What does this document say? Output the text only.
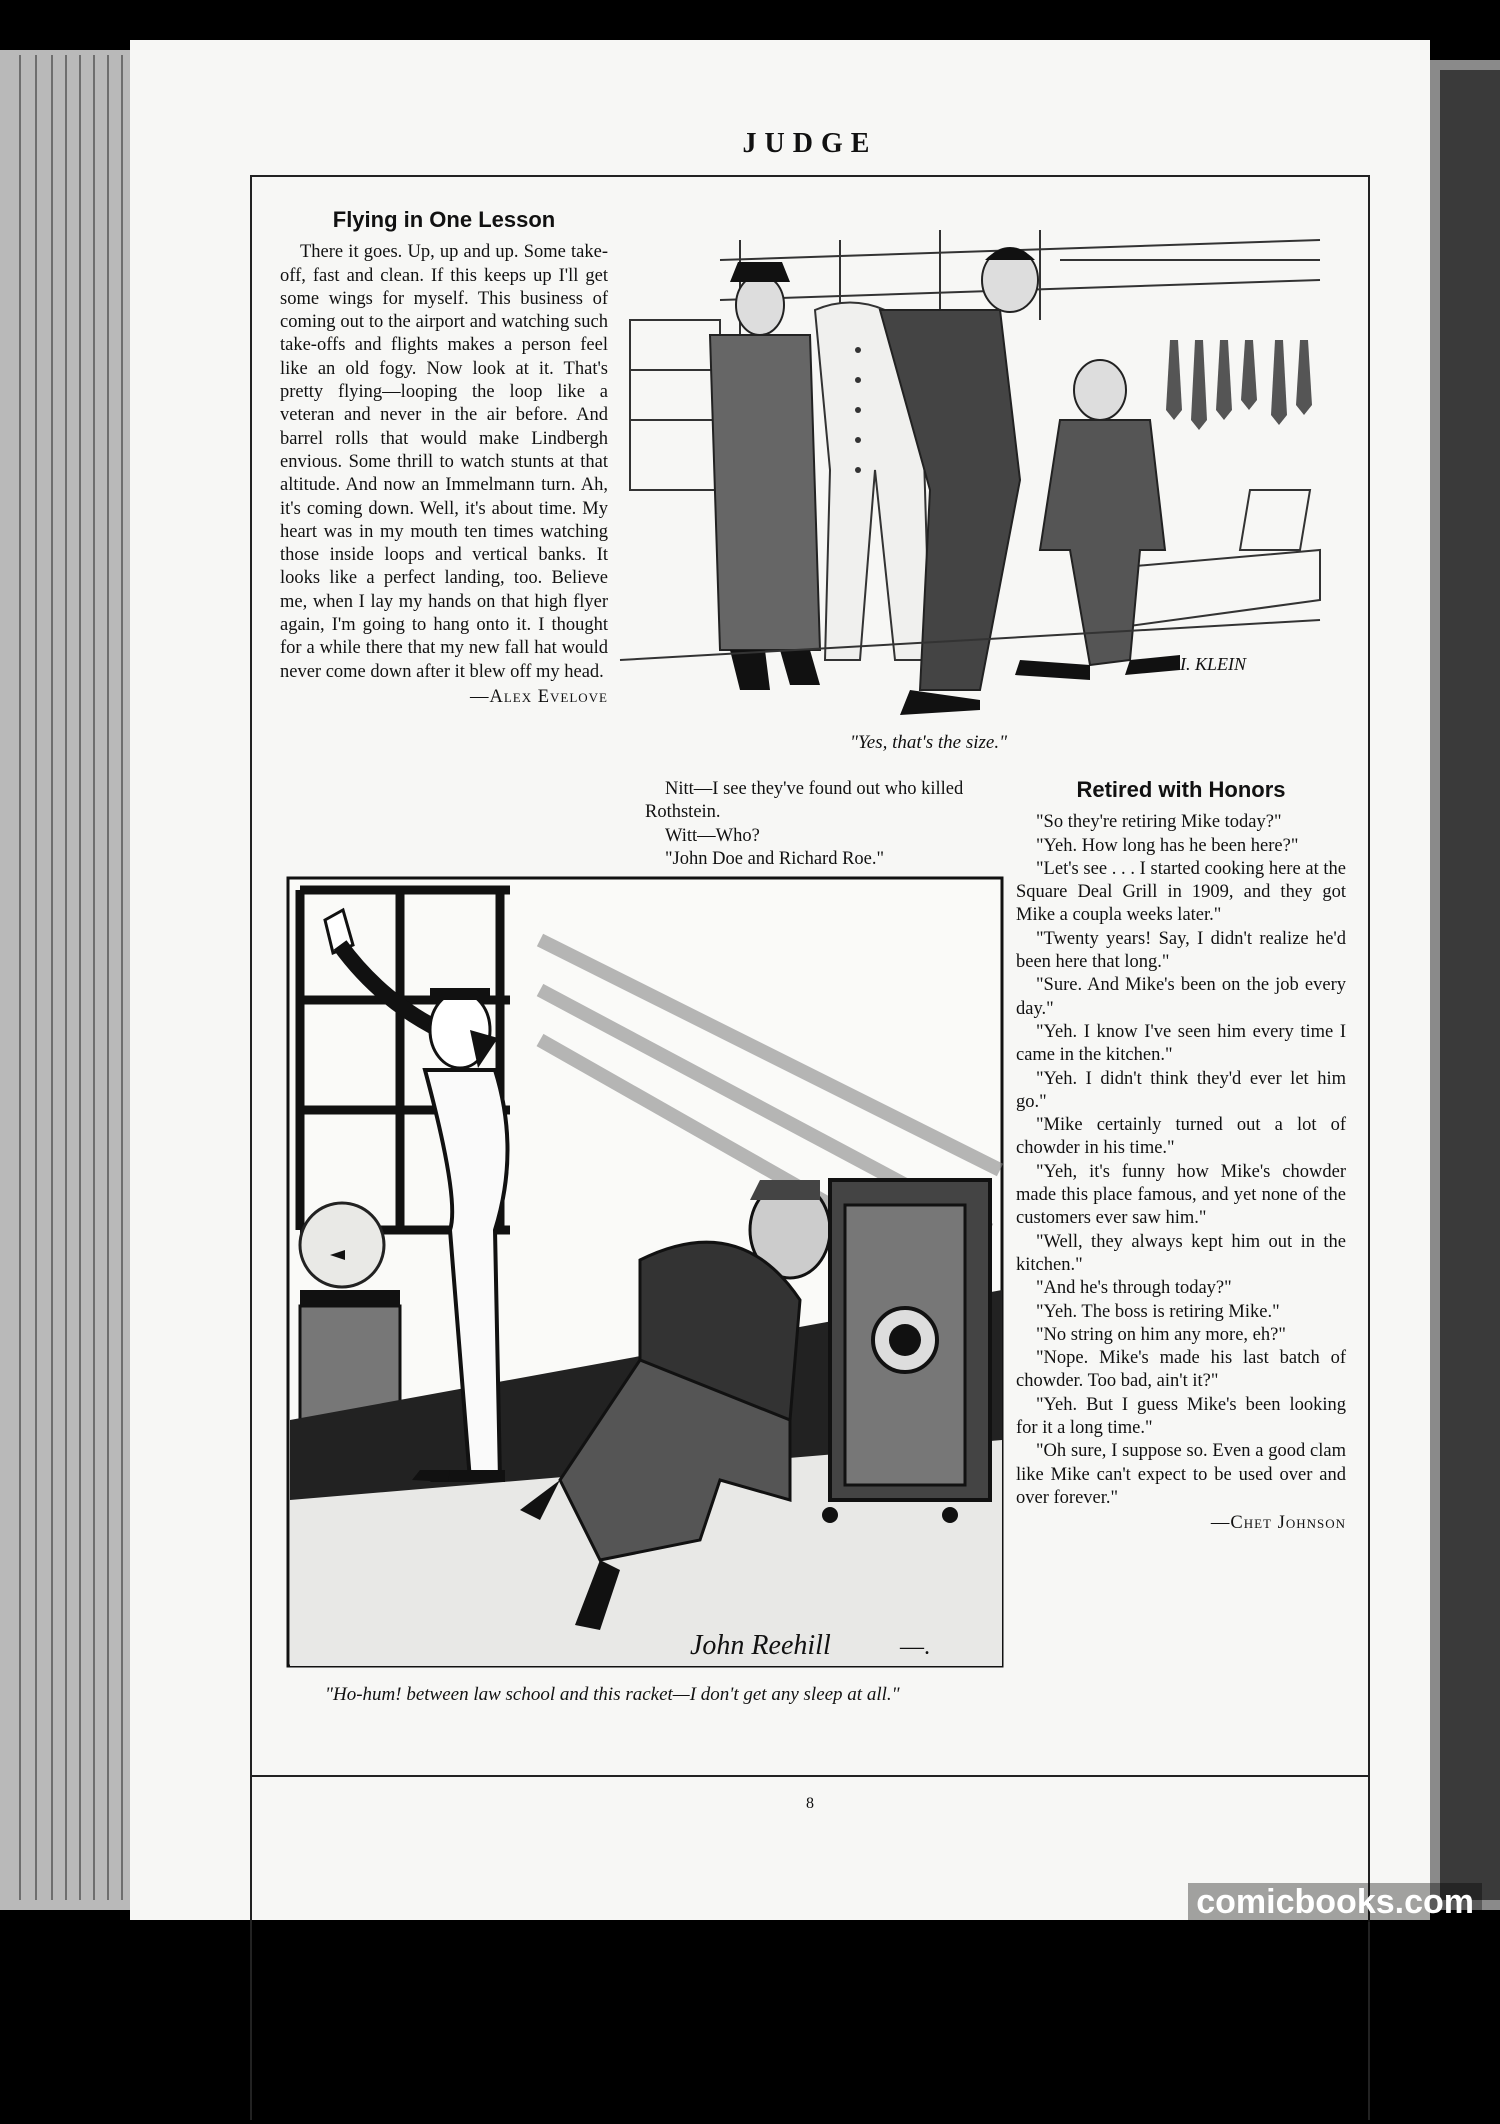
John Reehill	—.
JUDGE
Flying in One Lesson

There it goes. Up, up and up. Some take-off, fast and clean. If this keeps up I'll get some wings for myself. This business of coming out to the airport and watching such take-offs and flights makes a person feel like an old fogy. Now look at it. That's pretty flying—looping the loop like a veteran and never in the air before. And barrel rolls that would make Lindbergh envious. Some thrill to watch stunts at that altitude. And now an Immelmann turn. Ah, it's coming down. Well, it's about time. My heart was in my mouth ten times watching those inside loops and vertical banks. It looks like a perfect landing, too. Believe me, when I lay my hands on that high flyer again, I'm going to hang onto it. I thought for a while there that my new fall hat would never come down after it blew off my head.

—Alex Evelove
"Yes, that's the size."
I. KLEIN

Nitt—I see they've found out who killed Rothstein.

Witt—Who?

"John Doe and Richard Roe."

"Ho-hum! between law school and this racket—I don't get any sleep at all."
Retired with Honors

"So they're retiring Mike today?"

"Yeh. How long has he been here?"

"Let's see . . . I started cooking here at the Square Deal Grill in 1909, and they got Mike a coupla weeks later."

"Twenty years! Say, I didn't realize he'd been here that long."

"Sure. And Mike's been on the job every day."

"Yeh. I know I've seen him every time I came in the kitchen."

"Yeh. I didn't think they'd ever let him go."

"Mike certainly turned out a lot of chowder in his time."

"Yeh, it's funny how Mike's chowder made this place famous, and yet none of the customers ever saw him."

"Well, they always kept him out in the kitchen."

"And he's through today?"

"Yeh. The boss is retiring Mike."

"No string on him any more, eh?"

"Nope. Mike's made his last batch of chowder. Too bad, ain't it?"

"Yeh. But I guess Mike's been looking for it a long time."

"Oh sure, I suppose so. Even a good clam like Mike can't expect to be used over and over forever."

—Chet Johnson
8
comicbooks.com
